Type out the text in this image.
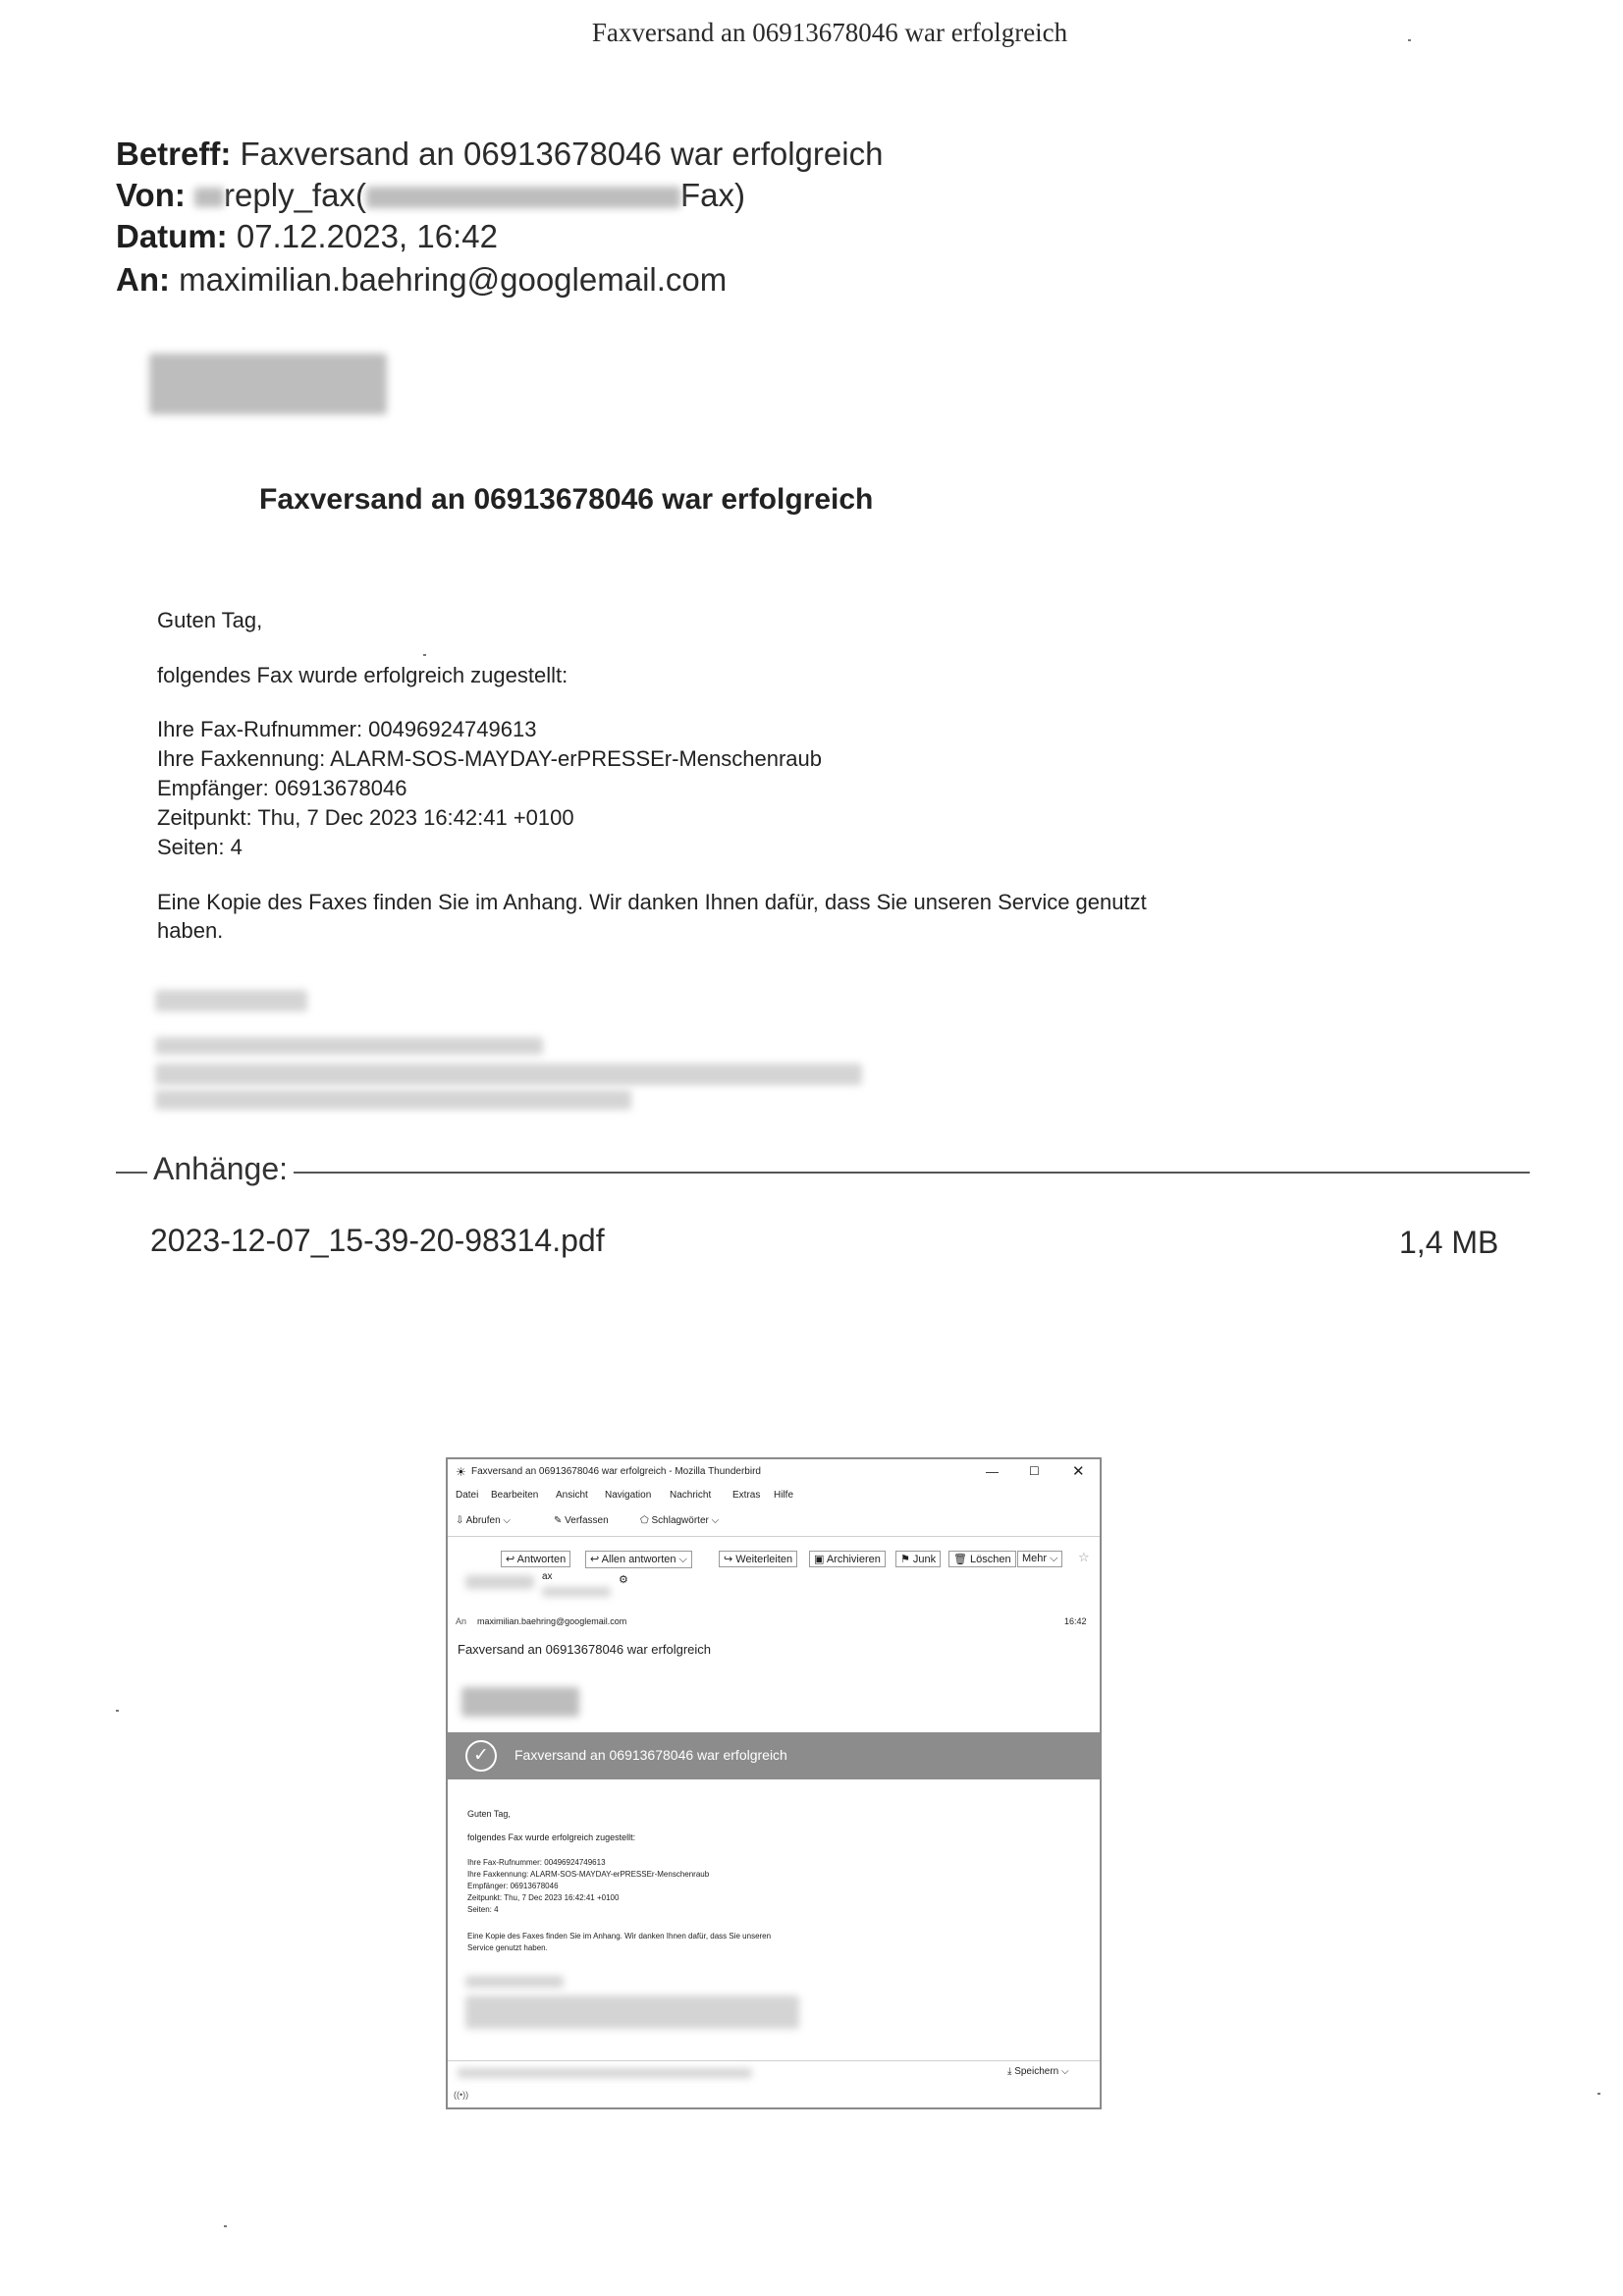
Faxversand an 06913678046 war erfolgreich
Betreff: Faxversand an 06913678046 war erfolgreich
Von: reply_fax(	Fax)
Datum: 07.12.2023, 16:42
An: maximilian.baehring@googlemail.com
Faxversand an 06913678046 war erfolgreich
Guten Tag,
folgendes Fax wurde erfolgreich zugestellt:
Ihre Fax-Rufnummer: 00496924749613
Ihre Faxkennung: ALARM-SOS-MAYDAY-erPRESSEr-Menschenraub
Empfänger: 06913678046
Zeitpunkt: Thu, 7 Dec 2023 16:42:41 +0100
Seiten: 4
Eine Kopie des Faxes finden Sie im Anhang. Wir danken Ihnen dafür, dass Sie unseren Service genutzt
haben.
Anhänge:
2023-12-07_15-39-20-98314.pdf	1,4 MB
☀ Faxversand an 06913678046 war erfolgreich - Mozilla Thunderbird	—	☐ ✕
Datei Bearbeiten Ansicht Navigation Nachricht Extras Hilfe
⇩ Abrufen ⌵	✎ Verfassen	⬠ Schlagwörter ⌵
↩ Antworten	↩ Allen antworten ⌵	↪ Weiterleiten	▣ Archivieren	⚑ Junk	🗑 Löschen	Mehr ⌵	☆
ax	⚙
An maximilian.baehring@googlemail.com	16:42
Faxversand an 06913678046 war erfolgreich
✓	Faxversand an 06913678046 war erfolgreich
Guten Tag,
folgendes Fax wurde erfolgreich zugestellt:
Ihre Fax-Rufnummer: 00496924749613
Ihre Faxkennung: ALARM-SOS-MAYDAY-erPRESSEr-Menschenraub
Empfänger: 06913678046
Zeitpunkt: Thu, 7 Dec 2023 16:42:41 +0100
Seiten: 4
Eine Kopie des Faxes finden Sie im Anhang. Wir danken Ihnen dafür, dass Sie unseren
Service genutzt haben.
⤓ Speichern ⌵
((•))
